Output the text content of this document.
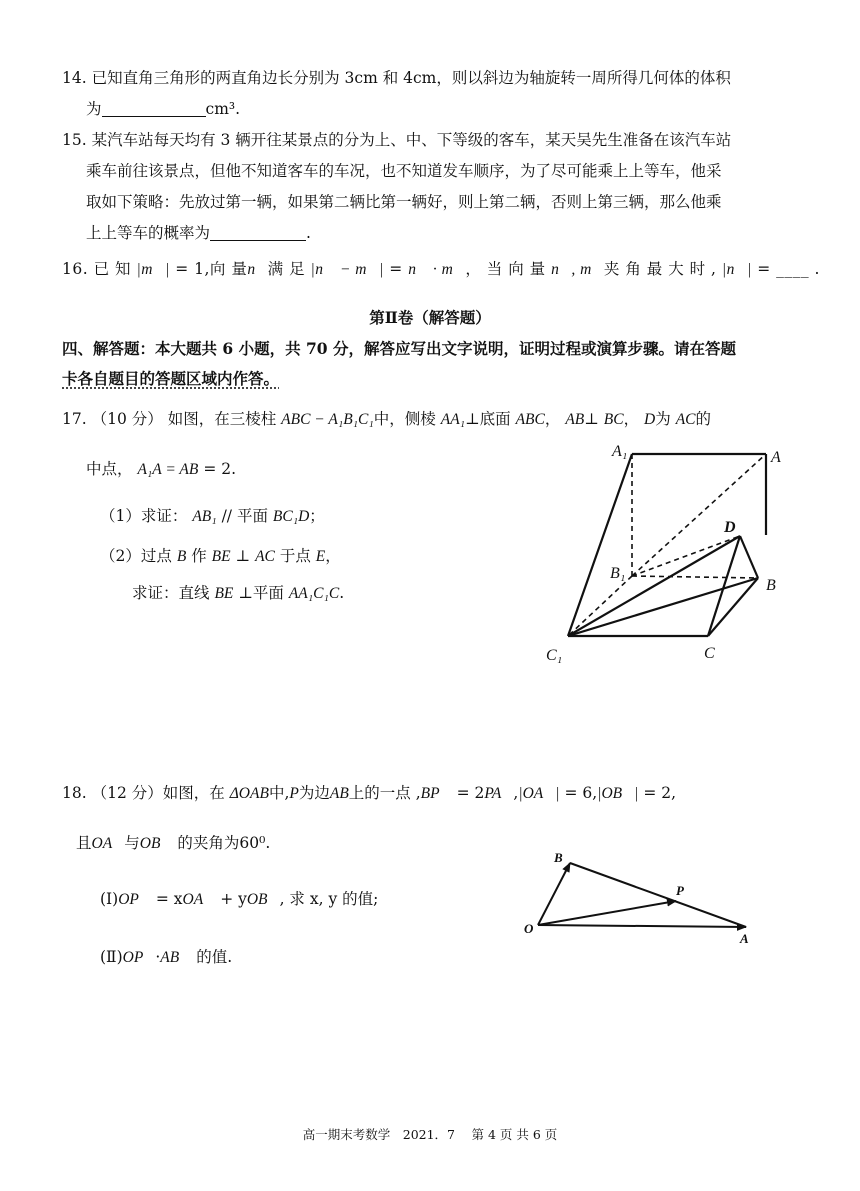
14. 已知直角三角形的两直角边长分别为 3cm 和 4cm，则以斜边为轴旋转一周所得几何体的体积
为	cm³.
15. 某汽车站每天均有 3 辆开往某景点的分为上、中、下等级的客车，某天吴先生准备在该汽车站
乘车前往该景点，但他不知道客车的车况，也不知道发车顺序，为了尽可能乘上上等车，他采
取如下策略：先放过第一辆，如果第二辆比第一辆好，则上第二辆，否则上第三辆，那么他乘
上上等车的概率为	.
16. 已 知 |m⃗| = 1,向 量n⃗满 足 |n⃗ − m⃗| = n⃗ · m⃗， 当 向 量 n⃗, m⃗夹 角 最 大 时 , |n⃗| = ____ .
第Ⅱ卷（解答题）
四、解答题：本大题共 6 小题，共 70 分，解答应写出文字说明，证明过程或演算步骤。请在答题
卡各自题目的答题区域内作答。
17. （10 分） 如图，在三棱柱 ABC − A₁B₁C₁中，侧棱 AA₁⊥底面 ABC， AB⊥ BC， D为 AC的
中点， A₁A = AB = 2.
（1）求证： AB₁ // 平面 BC₁D；
（2）过点 B 作 BE ⊥ AC 于点 E，
求证：直线 BE ⊥平面 AA₁C₁C.
A₁	A
D
B₁
B
C₁	C
18. （12 分）如图，在 ΔOAB中,P为边AB上的一点 ,BP⃗ = 2PA⃗,|OA⃗| = 6,|OB⃗| = 2,
且OA⃗与OB⃗ 的夹角为60⁰.
(Ⅰ)OP⃗ = xOA⃗ + yOB⃗, 求 x, y 的值;
(Ⅱ)OP⃗·AB⃗ 的值.
B
P
O
A
高一期末考数学　2021．7　 第 4 页 共 6 页
